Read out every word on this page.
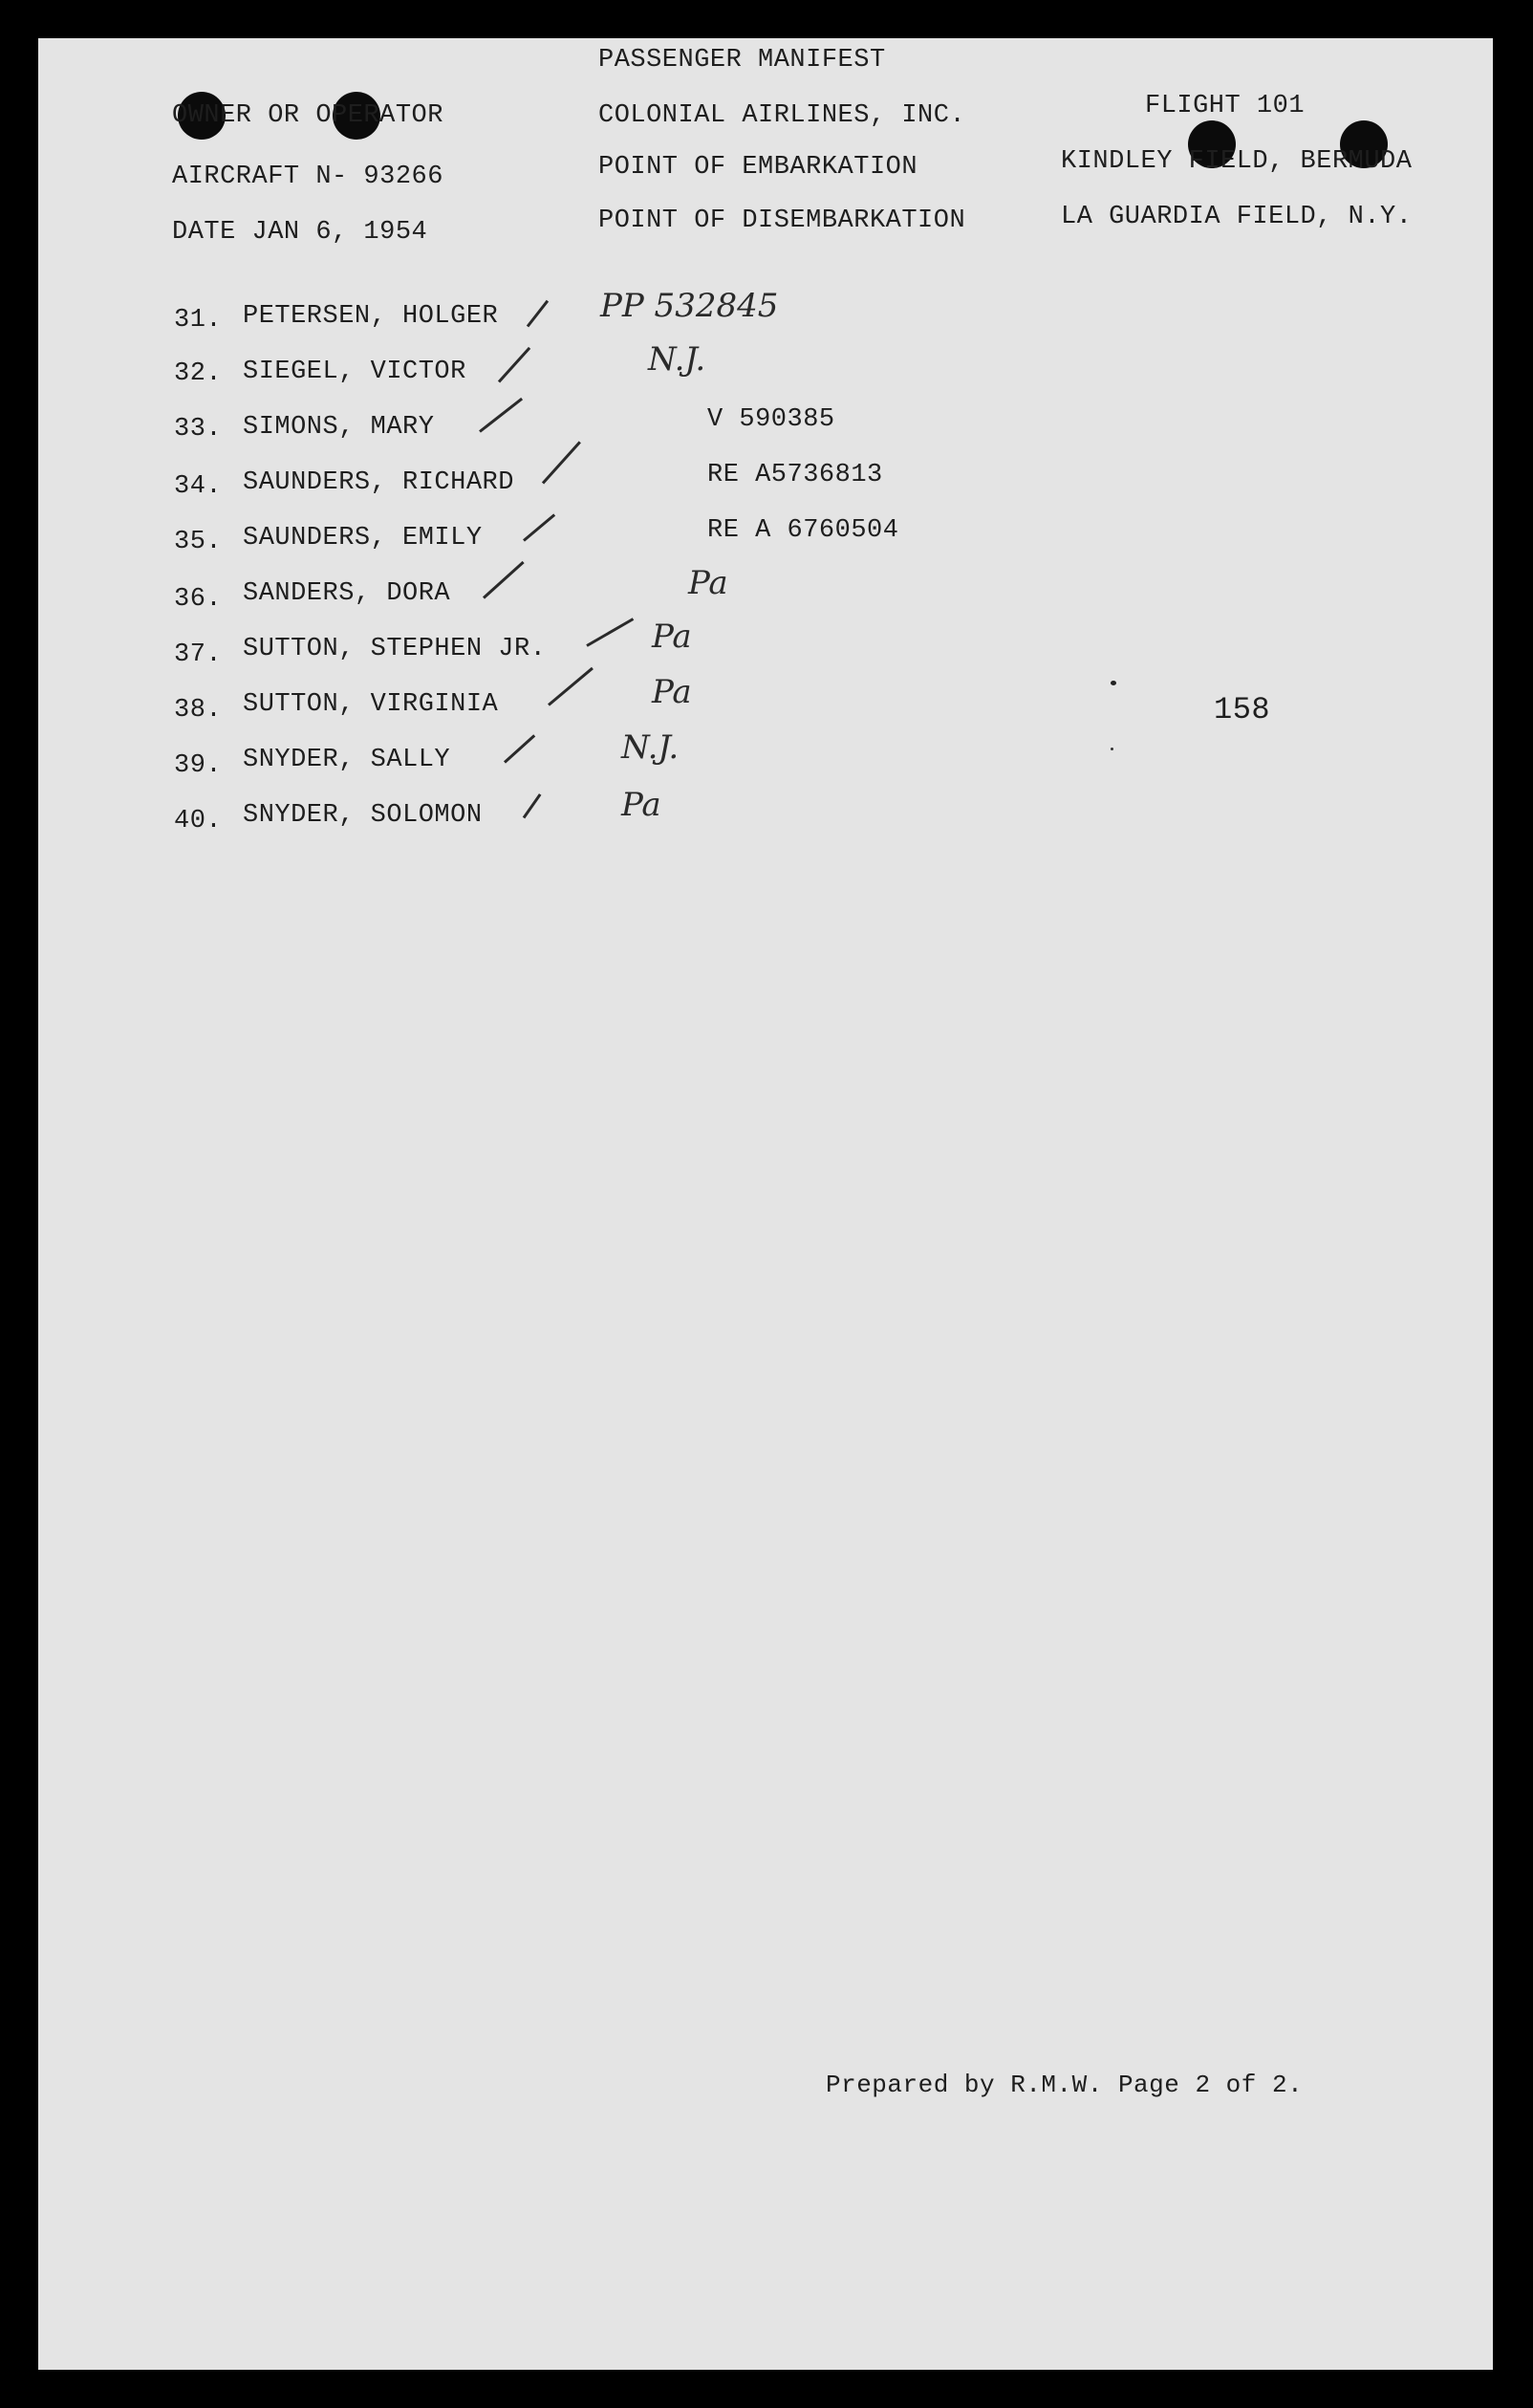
PASSENGER MANIFEST
OWNER OR OPERATOR	COLONIAL AIRLINES, INC.	FLIGHT 101
AIRCRAFT N- 93266	POINT OF EMBARKATION	KINDLEY FIELD, BERMUDA
DATE JAN 6, 1954	POINT OF DISEMBARKATION	LA GUARDIA FIELD, N.Y.
31. PETERSEN, HOLGER	PP 532845
32. SIEGEL, VICTOR	N.J.
33. SIMONS, MARY	V 590385
34. SAUNDERS, RICHARD	RE A5736813
35. SAUNDERS, EMILY	RE A 6760504
36. SANDERS, DORA	Pa
37. SUTTON, STEPHEN JR.	Pa
38. SUTTON, VIRGINIA	Pa
39. SNYDER, SALLY	N.J.
40. SNYDER, SOLOMON	Pa
158
Prepared by R.M.W. Page 2 of 2.
